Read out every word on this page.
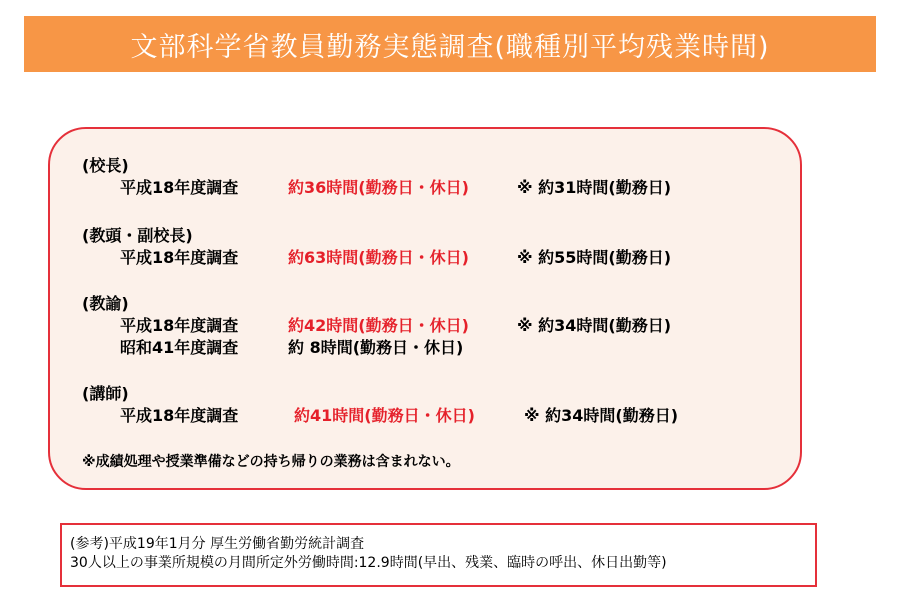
文部科学省教員勤務実態調査(職種別平均残業時間)
(校長)
平成18年度調査	約36時間(勤務日・休日)	※ 約31時間(勤務日)
(教頭・副校長)
平成18年度調査	約63時間(勤務日・休日)	※ 約55時間(勤務日)
(教諭)
平成18年度調査	約42時間(勤務日・休日)	※ 約34時間(勤務日)
昭和41年度調査	約 8時間(勤務日・休日)
(講師)
平成18年度調査	約41時間(勤務日・休日)	※ 約34時間(勤務日)
※成績処理や授業準備などの持ち帰りの業務は含まれない。
(参考)平成19年1月分 厚生労働省勤労統計調査
30人以上の事業所規模の月間所定外労働時間:12.9時間(早出、残業、臨時の呼出、休日出勤等)
